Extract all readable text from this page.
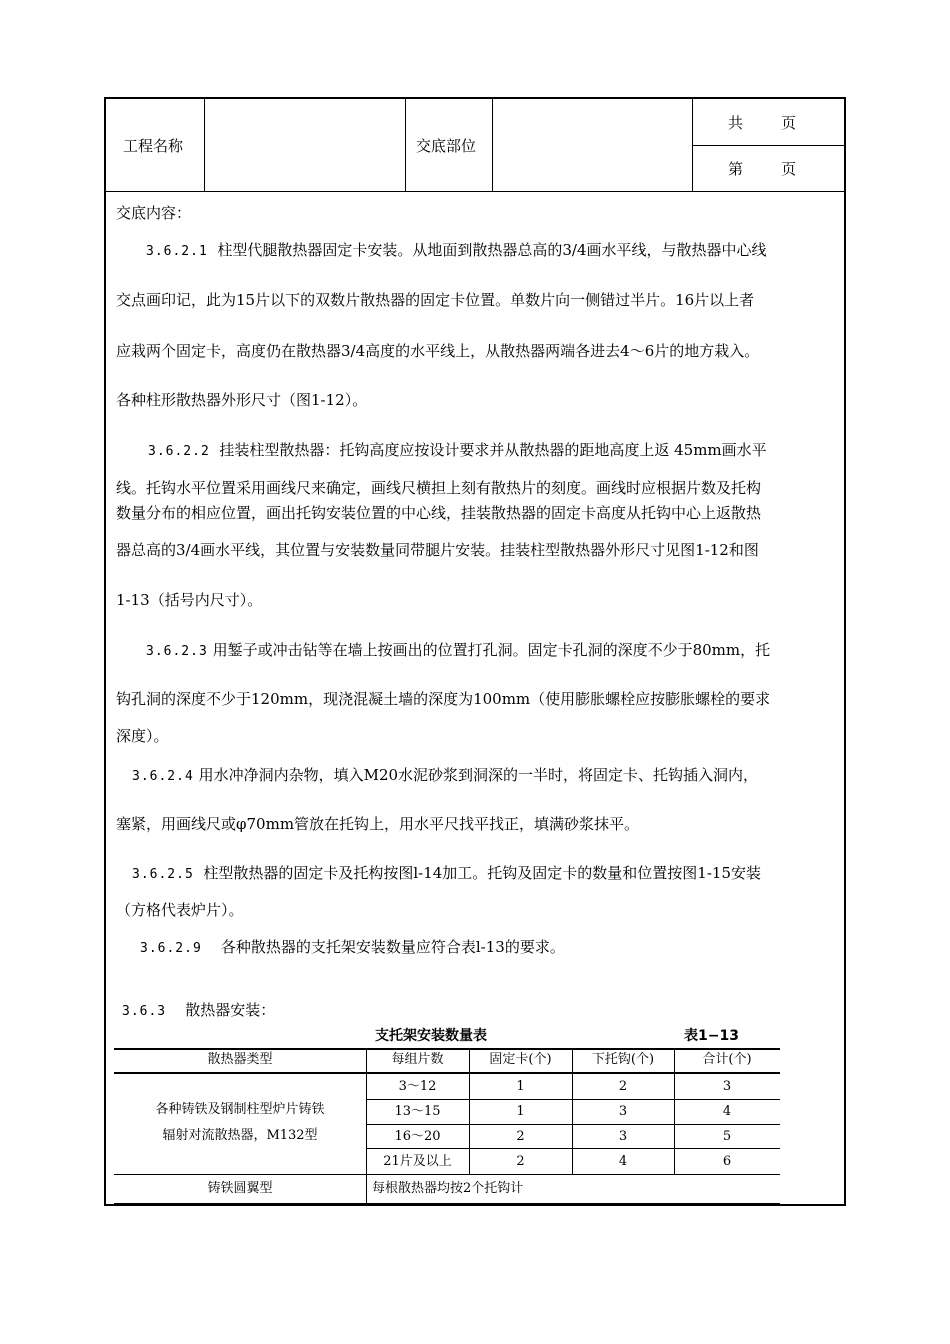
工程名称	交底部位
共        页
第        页
交底内容：
3.6.2.1 柱型代腿散热器固定卡安装。从地面到散热器总高的3/4画水平线，与散热器中心线
交点画印记，此为15片以下的双数片散热器的固定卡位置。单数片向一侧错过半片。16片以上者
应栽两个固定卡，高度仍在散热器3/4高度的水平线上，从散热器两端各进去4～6片的地方栽入。
各种柱形散热器外形尺寸（图1-12）。
3.6.2.2 挂装柱型散热器：托钩高度应按设计要求并从散热器的距地高度上返 45mm画水平
线。托钩水平位置采用画线尺来确定，画线尺横担上刻有散热片的刻度。画线时应根据片数及托构
数量分布的相应位置，画出托钩安装位置的中心线，挂装散热器的固定卡高度从托钩中心上返散热
器总高的3/4画水平线，其位置与安装数量同带腿片安装。挂装柱型散热器外形尺寸见图1-12和图
1-13（括号内尺寸）。
3.6.2.3 用錾子或冲击钻等在墙上按画出的位置打孔洞。固定卡孔洞的深度不少于80mm，托
钩孔洞的深度不少于120mm，现浇混凝土墙的深度为100mm（使用膨胀螺栓应按膨胀螺栓的要求
深度）。
3.6.2.4 用水冲净洞内杂物，填入M20水泥砂浆到洞深的一半时，将固定卡、托钩插入洞内，
塞紧，用画线尺或φ70mm管放在托钩上，用水平尺找平找正，填满砂浆抹平。
3.6.2.5 柱型散热器的固定卡及托构按图l-14加工。托钩及固定卡的数量和位置按图1-15安装
（方格代表炉片）。
3.6.2.9 各种散热器的支托架安装数量应符合表l-13的要求。
3.6.3 散热器安装：
支托架安装数量表	表1−13
散热器类型	每组片数	固定卡(个)	下托钩(个)	合计(个)
各种铸铁及钢制柱型炉片铸铁
辐射对流散热器，M132型
3～12	1	2	3
13～15	1	3	4
16～20	2	3	5
21片及以上	2	4	6
铸铁圆翼型	每根散热器均按2个托钩计
